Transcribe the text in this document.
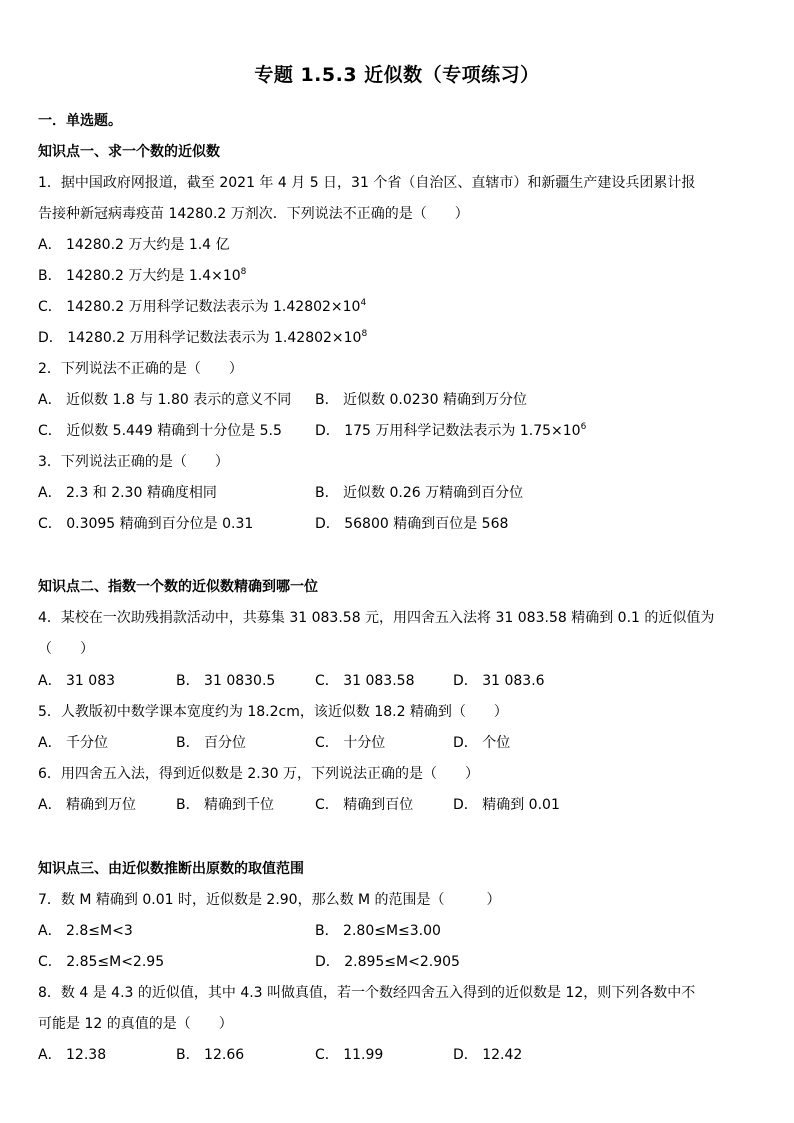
专题 1.5.3 近似数（专项练习）
一．单选题。
知识点一、求一个数的近似数
1．据中国政府网报道，截至 2021 年 4 月 5 日，31 个省（自治区、直辖市）和新疆生产建设兵团累计报
告接种新冠病毒疫苗 14280.2 万剂次．下列说法不正确的是（　　）
A． 14280.2 万大约是 1.4 亿
B． 14280.2 万大约是 $1.4\times 10^8$
C． 14280.2 万用科学记数法表示为 $1.42802\times 10^4$
D． 14280.2 万用科学记数法表示为 $1.42802\times 10^8$
2．下列说法不正确的是（　　）
A． 近似数 1.8 与 1.80 表示的意义不同 B． 近似数 0.0230 精确到万分位
C． 近似数 5.449 精确到十分位是 5.5 D． 175 万用科学记数法表示为 $1.75\times 10^6$
3．下列说法正确的是（　　）
A． 2.3 和 2.30 精确度相同	B． 近似数 0.26 万精确到百分位
C． 0.3095 精确到百分位是 0.31	D． 56800 精确到百位是 568
知识点二、指数一个数的近似数精确到哪一位
4．某校在一次助残捐款活动中，共募集 31 083.58 元，用四舍五入法将 31 083.58 精确到 0.1 的近似值为
（　　）
A． 31 083	B． 31 0830.5	C． 31 083.58	D． 31 083.6
5．人教版初中数学课本宽度约为 18.2cm，该近似数 18.2 精确到（　　）
A． 千分位	B． 百分位	C． 十分位	D． 个位
6．用四舍五入法，得到近似数是 2.30 万，下列说法正确的是（　　）
A． 精确到万位	B． 精确到千位	C． 精确到百位	D． 精确到 0.01
知识点三、由近似数推断出原数的取值范围
7．数 M 精确到 0.01 时，近似数是 2.90，那么数 M 的范围是（　　　）
A． 2.8≤M<3	B． 2.80≤M≤3.00
C． 2.85≤M<2.95	D． 2.895≤M<2.905
8．数 4 是 4.3 的近似值，其中 4.3 叫做真值，若一个数经四舍五入得到的近似数是 12，则下列各数中不
可能是 12 的真值的是（　　）
A． 12.38	B． 12.66	C． 11.99	D． 12.42
